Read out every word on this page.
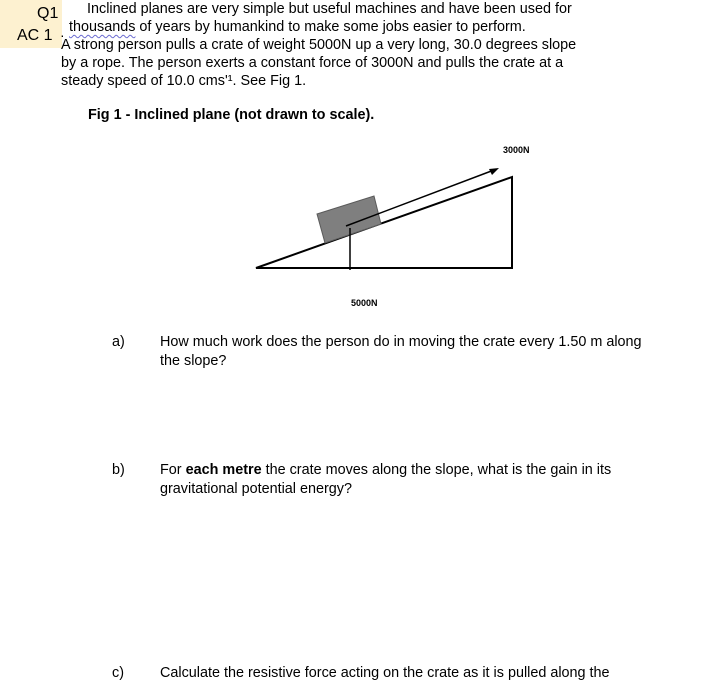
Q1
AC 1 ·
Inclined planes are very simple but useful machines and have been used for
thousands of years by humankind to make some jobs easier to perform.
A strong person pulls a crate of weight 5000N up a very long, 30.0 degrees slope
by a rope. The person exerts a constant force of 3000N and pulls the crate at a
steady speed of 10.0 cms'¹. See Fig 1.
Fig 1 - Inclined plane (not drawn to scale).
3000N
5000N
a) How much work does the person do in moving the crate every 1.50 m along the slope?
b) For each metre the crate moves along the slope, what is the gain in its gravitational potential energy?
c)	Calculate the resistive force acting on the crate as it is pulled along the
